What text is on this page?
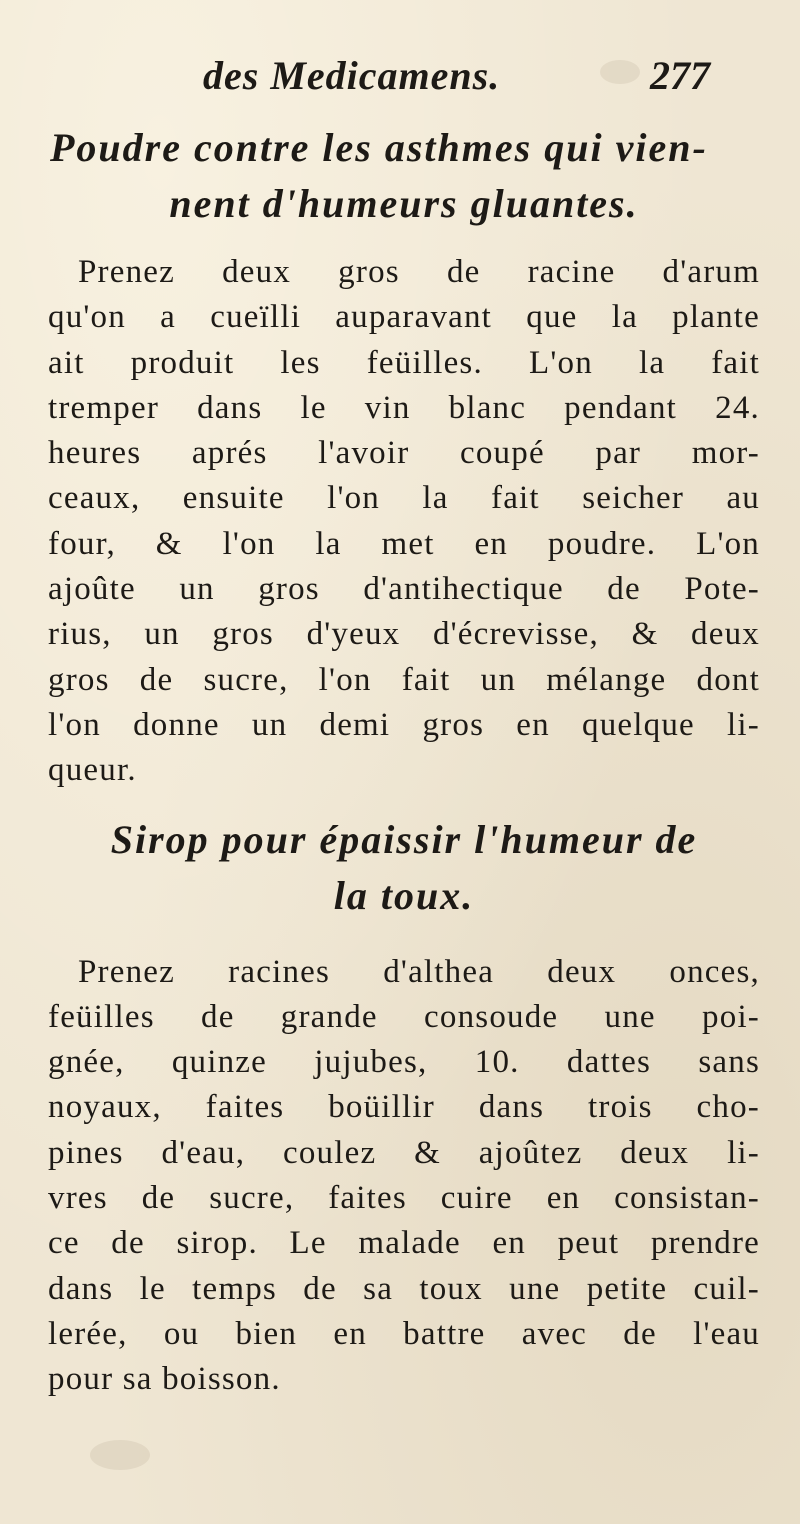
des Medicamens.	277
Poudre contre les asthmes qui vien-
nent d'humeurs gluantes.

Prenez deux gros de racine d'arum
qu'on a cueïlli auparavant que la plante
ait produit les feüilles. L'on la fait
tremper dans le vin blanc pendant 24.
heures aprés l'avoir coupé par mor-
ceaux, ensuite l'on la fait seicher au
four, & l'on la met en poudre. L'on
ajoûte un gros d'antihectique de Pote-
rius, un gros d'yeux d'écrevisse, & deux
gros de sucre, l'on fait un mélange dont
l'on donne un demi gros en quelque li-
queur.

Sirop pour épaissir l'humeur de
la toux.

Prenez racines d'althea deux onces,
feüilles de grande consoude une poi-
gnée, quinze jujubes, 10. dattes sans
noyaux, faites boüillir dans trois cho-
pines d'eau, coulez & ajoûtez deux li-
vres de sucre, faites cuire en consistan-
ce de sirop. Le malade en peut prendre
dans le temps de sa toux une petite cuil-
lerée, ou bien en battre avec de l'eau
pour sa boisson.
